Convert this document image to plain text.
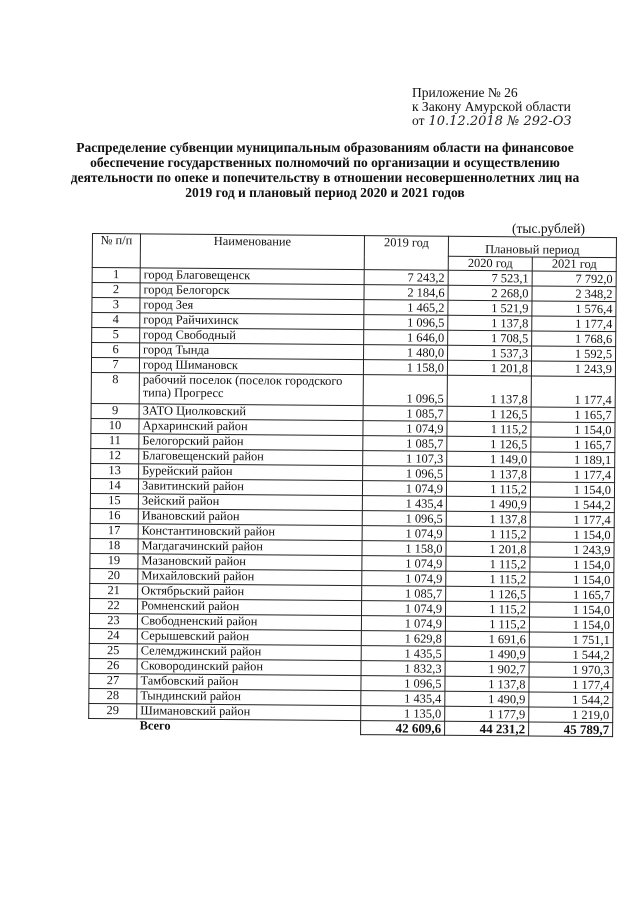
Приложение № 26
к Закону Амурской области
от 10.12.2018 № 292-ОЗ
Распределение субвенции муниципальным образованиям области на финансовое обеспечение государственных полномочий по организации и осуществлению деятельности по опеке и попечительству в отношении несовершеннолетних лиц на 2019 год и плановый период 2020 и 2021 годов
(тыс.рублей)
№ п/п	Наименование	2019 год	Плановый период	
			2020 год	2021 год
1	город Благовещенск	7 243,2	7 523,1	7 792,0
2	город Белогорск	2 184,6	2 268,0	2 348,2
3	город Зея	1 465,2	1 521,9	1 576,4
4	город Райчихинск	1 096,5	1 137,8	1 177,4
5	город Свободный	1 646,0	1 708,5	1 768,6
6	город Тында	1 480,0	1 537,3	1 592,5
7	город Шимановск	1 158,0	1 201,8	1 243,9
8	рабочий поселок (поселок городского типа) Прогресс	1 096,5	1 137,8	1 177,4
9	ЗАТО Циолковский	1 085,7	1 126,5	1 165,7
10	Архаринский район	1 074,9	1 115,2	1 154,0
11	Белогорский район	1 085,7	1 126,5	1 165,7
12	Благовещенский район	1 107,3	1 149,0	1 189,1
13	Бурейский район	1 096,5	1 137,8	1 177,4
14	Завитинский район	1 074,9	1 115,2	1 154,0
15	Зейский район	1 435,4	1 490,9	1 544,2
16	Ивановский район	1 096,5	1 137,8	1 177,4
17	Константиновский район	1 074,9	1 115,2	1 154,0
18	Магдагачинский район	1 158,0	1 201,8	1 243,9
19	Мазановский район	1 074,9	1 115,2	1 154,0
20	Михайловский район	1 074,9	1 115,2	1 154,0
21	Октябрьский район	1 085,7	1 126,5	1 165,7
22	Ромненский район	1 074,9	1 115,2	1 154,0
23	Свободненский район	1 074,9	1 115,2	1 154,0
24	Серышевский район	1 629,8	1 691,6	1 751,1
25	Селемджинский район	1 435,5	1 490,9	1 544,2
26	Сковородинский район	1 832,3	1 902,7	1 970,3
27	Тамбовский район	1 096,5	1 137,8	1 177,4
28	Тындинский район	1 435,4	1 490,9	1 544,2
29	Шимановский район	1 135,0	1 177,9	1 219,0
	Всего	42 609,6	44 231,2	45 789,7
